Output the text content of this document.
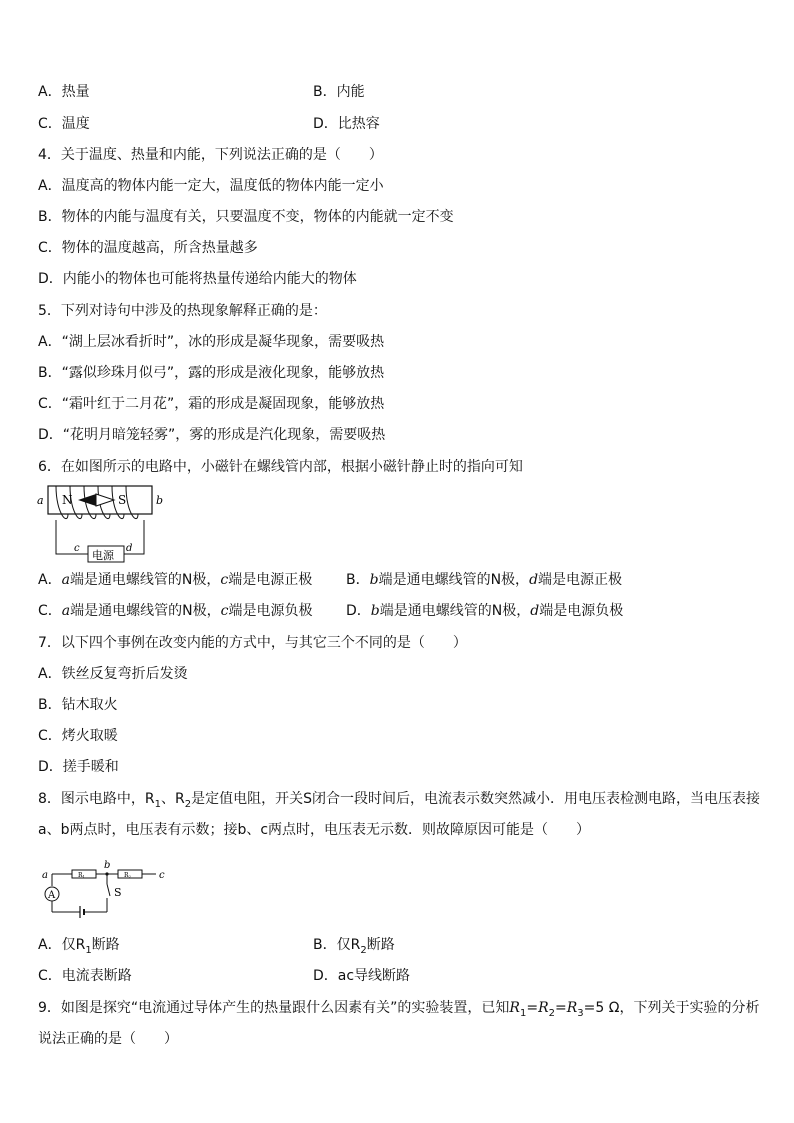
A．热量	B．内能
C．温度	D．比热容
4．关于温度、热量和内能，下列说法正确的是（　　）
A．温度高的物体内能一定大，温度低的物体内能一定小
B．物体的内能与温度有关，只要温度不变，物体的内能就一定不变
C．物体的温度越高，所含热量越多
D．内能小的物体也可能将热量传递给内能大的物体
5．下列对诗句中涉及的热现象解释正确的是：
A．“湖上层冰看折时”，冰的形成是凝华现象，需要吸热
B．“露似珍珠月似弓”，露的形成是液化现象，能够放热
C．“霜叶红于二月花”，霜的形成是凝固现象，能够放热
D．“花明月暗笼轻雾”，雾的形成是汽化现象，需要吸热
6．在如图所示的电路中，小磁针在螺线管内部，根据小磁针静止时的指向可知
N	S
a	b
电源
c	d
A．a端是通电螺线管的N极，c端是电源正极 B．b端是通电螺线管的N极，d端是电源正极
C．a端是通电螺线管的N极，c端是电源负极 D．b端是通电螺线管的N极，d端是电源负极
7．以下四个事例在改变内能的方式中，与其它三个不同的是（　　）
A．铁丝反复弯折后发烫
B．钻木取火
C．烤火取暖
D．搓手暖和
8．图示电路中，$R_1$、$R_2$是定值电阻，开关S闭合一段时间后，电流表示数突然减小．用电压表检测电路，当电压表接
a、b两点时，电压表有示数；接b、c两点时，电压表无示数．则故障原因可能是（　　）
A
a
b
c
R1	R2
S
A．仅$R_1$断路	B．仅$R_2$断路
C．电流表断路	D．ac导线断路
9．如图是探究“电流通过导体产生的热量跟什么因素有关”的实验装置，已知$R_1=R_2=R_3=5$ Ω，下列关于实验的分析
说法正确的是（　　）
